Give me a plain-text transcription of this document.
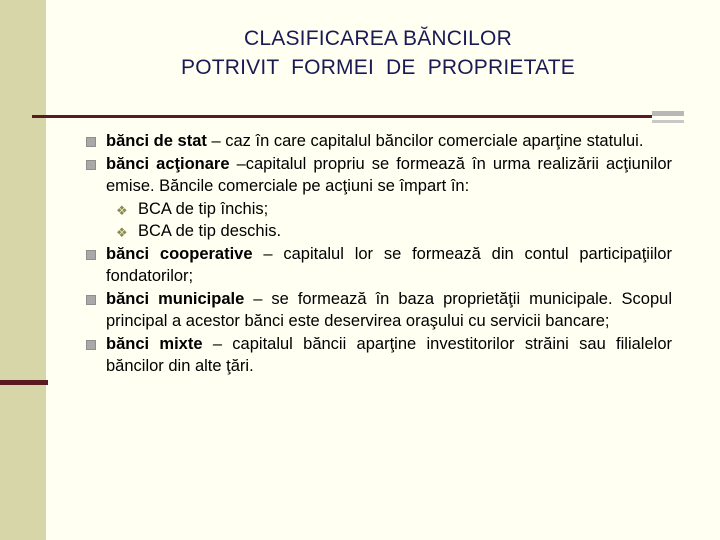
CLASIFICAREA BĂNCILOR
POTRIVIT  FORMEI  DE  PROPRIETATE
bănci de stat – caz în care capitalul băncilor comerciale aparţine statului.
bănci acţionare –capitalul propriu se formează în urma realizării acţiunilor emise. Băncile comerciale pe acţiuni se împart în:
❖ BCA de tip închis;
❖ BCA de tip deschis.
bănci cooperative – capitalul lor se formează din contul participaţiilor fondatorilor;
bănci municipale – se formează în baza proprietăţii municipale. Scopul principal a acestor bănci este deservirea oraşului cu servicii bancare;
bănci mixte – capitalul băncii aparţine investitorilor străini sau filialelor băncilor din alte ţări.
